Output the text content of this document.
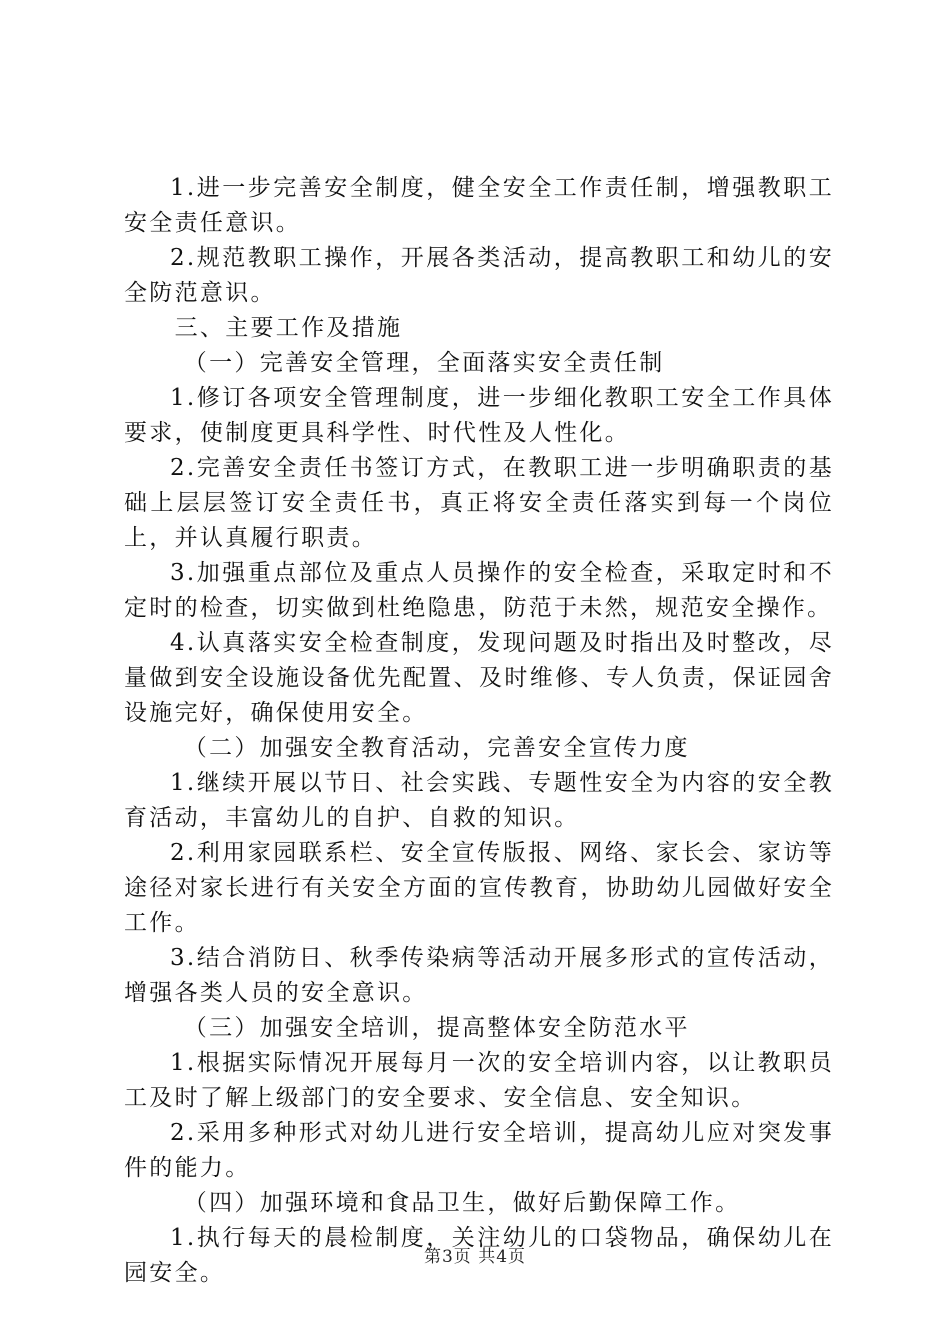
1.进一步完善安全制度，健全安全工作责任制，增强教职工安全责任意识。

2.规范教职工操作，开展各类活动，提高教职工和幼儿的安全防范意识。

三、主要工作及措施

（一）完善安全管理，全面落实安全责任制

1.修订各项安全管理制度，进一步细化教职工安全工作具体要求，使制度更具科学性、时代性及人性化。

2.完善安全责任书签订方式，在教职工进一步明确职责的基础上层层签订安全责任书，真正将安全责任落实到每一个岗位上，并认真履行职责。

3.加强重点部位及重点人员操作的安全检查，采取定时和不定时的检查，切实做到杜绝隐患，防范于未然，规范安全操作。

4.认真落实安全检查制度，发现问题及时指出及时整改，尽量做到安全设施设备优先配置、及时维修、专人负责，保证园舍设施完好，确保使用安全。

（二）加强安全教育活动，完善安全宣传力度

1.继续开展以节日、社会实践、专题性安全为内容的安全教育活动，丰富幼儿的自护、自救的知识。

2.利用家园联系栏、安全宣传版报、网络、家长会、家访等途径对家长进行有关安全方面的宣传教育，协助幼儿园做好安全工作。

3.结合消防日、秋季传染病等活动开展多形式的宣传活动，增强各类人员的安全意识。

（三）加强安全培训，提高整体安全防范水平

1.根据实际情况开展每月一次的安全培训内容，以让教职员工及时了解上级部门的安全要求、安全信息、安全知识。

2.采用多种形式对幼儿进行安全培训，提高幼儿应对突发事件的能力。

（四）加强环境和食品卫生，做好后勤保障工作。

1.执行每天的晨检制度，关注幼儿的口袋物品，确保幼儿在园安全。

第3页 共4页
